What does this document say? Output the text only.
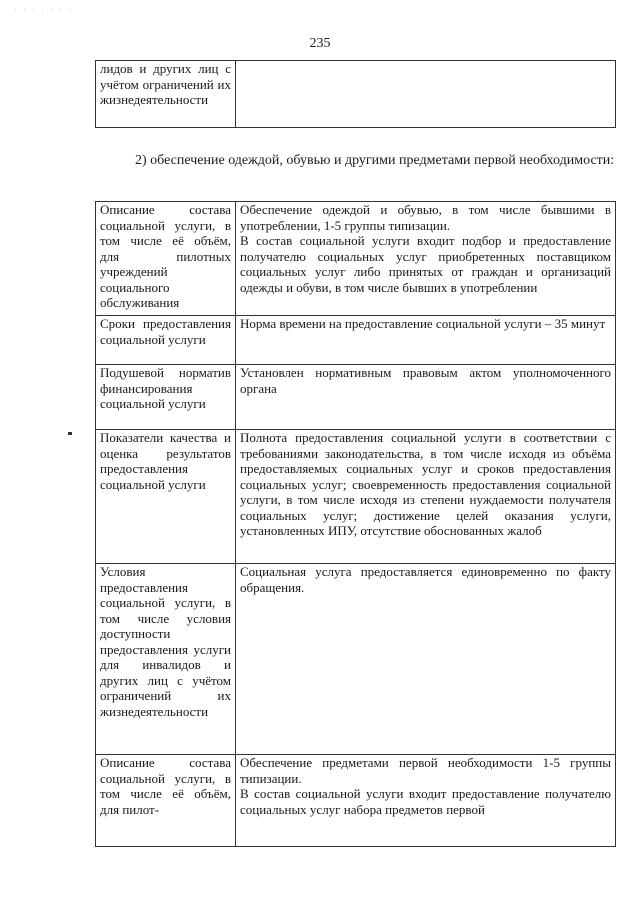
· · · · · · ·
235
лидов и других лиц с учётом ограничений их жизнедеятельности	
2) обеспечение одеждой, обувью и другими предметами первой необходимости:
Описание состава социальной услуги, в том числе её объём, для пилотных учреждений социального обслуживания	Обеспечение одеждой и обувью, в том числе бывшими в употреблении, 1-5 группы типизации.

В состав социальной услуги входит подбор и предоставление получателю социальных услуг приобретенных поставщиком социальных услуг либо принятых от граждан и организаций одежды и обуви, в том числе бывших в употреблении

Сроки предоставления социальной услуги	Норма времени на предоставление социальной услуги – 35 минут

Подушевой норматив финансирования социальной услуги	Установлен нормативным правовым актом уполномоченного органа

Показатели качества и оценка результатов предоставления социальной услуги	Полнота предоставления социальной услуги в соответствии с требованиями законодательства, в том числе исходя из объёма предоставляемых социальных услуг и сроков предоставления социальных услуг; своевременность предоставления социальной услуги, в том числе исходя из степени нуждаемости получателя социальных услуг; достижение целей оказания услуги, установленных ИПУ, отсутствие обоснованных жалоб

Условия предоставления социальной услуги, в том числе условия доступности предоставления услуги для инвалидов и других лиц с учётом ограничений их жизнедеятельности	Социальная услуга предоставляется единовременно по факту обращения.

Описание состава социальной услуги, в том числе её объём, для пилот-	Обеспечение предметами первой необходимости 1-5 группы типизации.

В состав социальной услуги входит предоставление получателю социальных услуг набора предметов первой
